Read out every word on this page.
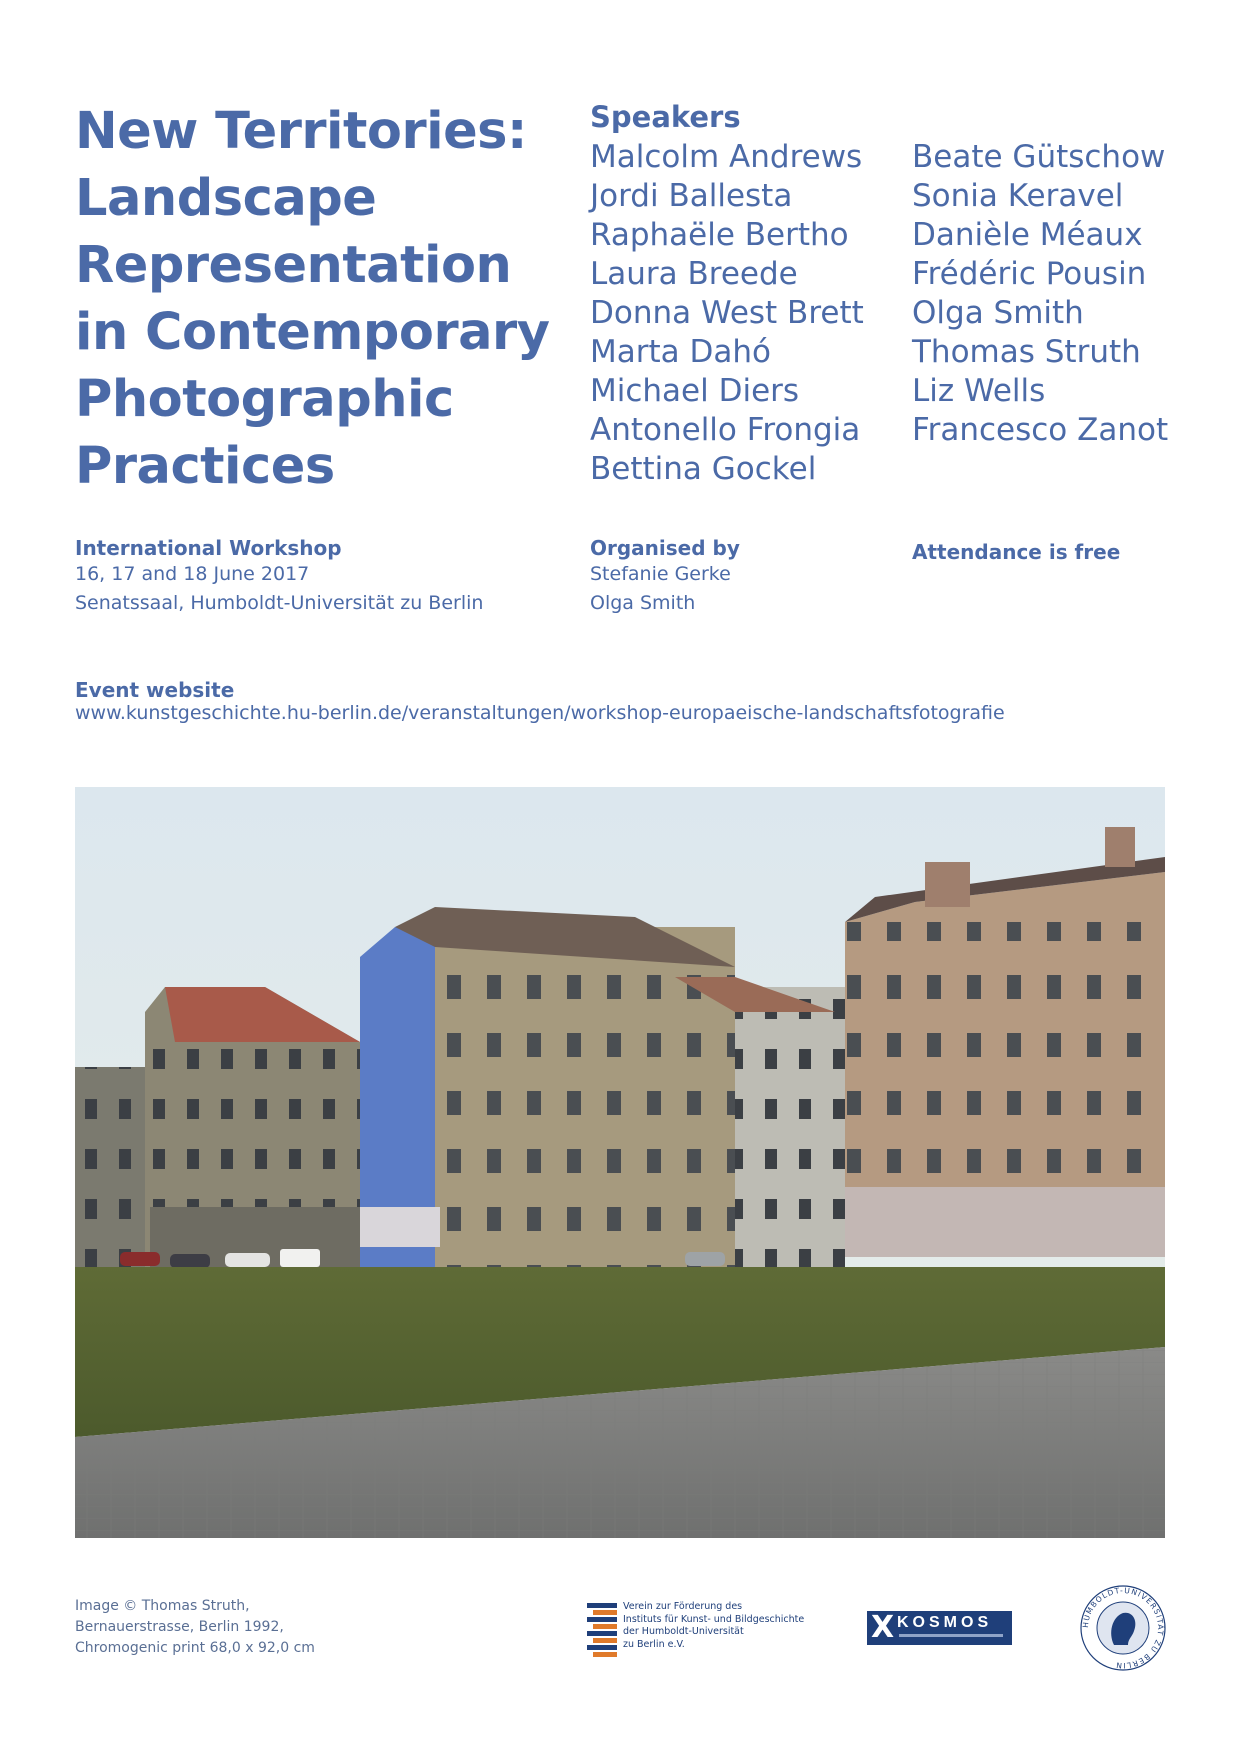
New Territories:
Landscape
Representation
in Contemporary
Photographic
Practices
Speakers
Malcolm Andrews
Jordi Ballesta
Raphaële Bertho
Laura Breede
Donna West Brett
Marta Dahó
Michael Diers
Antonello Frongia
Bettina Gockel
Beate Gütschow
Sonia Keravel
Danièle Méaux
Frédéric Pousin
Olga Smith
Thomas Struth
Liz Wells
Francesco Zanot
International Workshop
16, 17 and 18 June 2017
Senatssaal, Humboldt-Universität zu Berlin
Organised by
Stefanie Gerke
Olga Smith
Attendance is free
Event website
www.kunstgeschichte.hu-berlin.de/veranstaltungen/workshop-europaeische-landschaftsfotografie
Image © Thomas Struth,
Bernauerstrasse, Berlin 1992,
Chromogenic print 68,0 x 92,0 cm
Verein zur Förderung des
Instituts für Kunst- und Bildgeschichte
der Humboldt-Universität
zu Berlin e.V.	X KOSMOS	HUMBOLDT-UNIVERSITÄT ZU BERLIN
